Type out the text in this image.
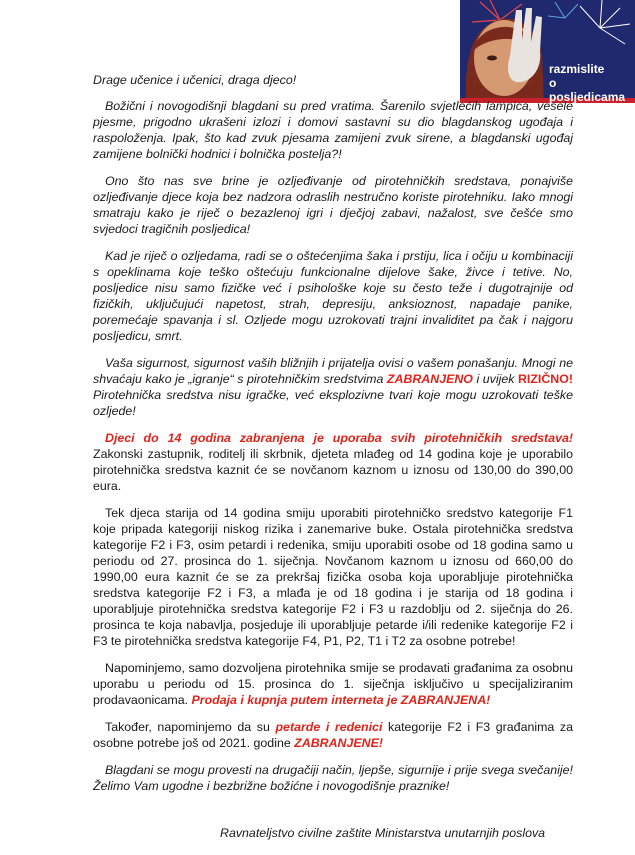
razmislite
o posljedicama

Drage učenice i učenici, draga djeco!

Božični i novogodišnji blagdani su pred vratima. Šarenilo svjetlećih lampica, vesele pjesme, prigodno ukrašeni izlozi i domovi sastavni su dio blagdanskog ugođaja i raspoloženja. Ipak, što kad zvuk pjesama zamijeni zvuk sirene, a blagdanski ugođaj zamijene bolnički hodnici i bolnička postelja?!

Ono što nas sve brine je ozljeđivanje od pirotehničkih sredstava, ponajviše ozljeđivanje djece koja bez nadzora odraslih nestručno koriste pirotehniku. Iako mnogi smatraju kako je riječ o bezazlenoj igri i dječjoj zabavi, nažalost, sve češće smo svjedoci tragičnih posljedica!

Kad je riječ o ozljedama, radi se o oštećenjima šaka i prstiju, lica i očiju u kombinaciji s opeklinama koje teško oštećuju funkcionalne dijelove šake, živce i tetive. No, posljedice nisu samo fizičke već i psihološke koje su često teže i dugotrajnije od fizičkih, uključujući napetost, strah, depresiju, anksioznost, napadaje panike, poremećaje spavanja i sl. Ozljede mogu uzrokovati trajni invaliditet pa čak i najgoru posljedicu, smrt.

Vaša sigurnost, sigurnost vaših bližnjih i prijatelja ovisi o vašem ponašanju. Mnogi ne shvaćaju kako je „igranje“ s pirotehničkim sredstvima ZABRANJENO i uvijek RIZIČNO! Pirotehnička sredstva nisu igračke, već eksplozivne tvari koje mogu uzrokovati teške ozljede!

Djeci do 14 godina zabranjena je uporaba svih pirotehničkih sredstava! Zakonski zastupnik, roditelj ili skrbnik, djeteta mlađeg od 14 godina koje je uporabilo pirotehnička sredstva kaznit će se novčanom kaznom u iznosu od 130,00 do 390,00 eura.

Tek djeca starija od 14 godina smiju uporabiti pirotehničko sredstvo kategorije F1 koje pripada kategoriji niskog rizika i zanemarive buke. Ostala pirotehnička sredstva kategorije F2 i F3, osim petardi i redenika, smiju uporabiti osobe od 18 godina samo u periodu od 27. prosinca do 1. siječnja. Novčanom kaznom u iznosu od 660,00 do 1990,00 eura kaznit će se za prekršaj fizička osoba koja uporabljuje pirotehnička sredstva kategorije F2 i F3, a mlađa je od 18 godina i je starija od 18 godina i uporabljuje pirotehnička sredstva kategorije F2 i F3 u razdoblju od 2. siječnja do 26. prosinca te koja nabavlja, posjeduje ili uporabljuje petarde i/ili redenike kategorije F2 i F3 te pirotehnička sredstva kategorije F4, P1, P2, T1 i T2 za osobne potrebe!

Napominjemo, samo dozvoljena pirotehnika smije se prodavati građanima za osobnu uporabu u periodu od 15. prosinca do 1. siječnja isključivo u specijaliziranim prodavaonicama. Prodaja i kupnja putem interneta je ZABRANJENA!

Također, napominjemo da su petarde i redenici kategorije F2 i F3 građanima za osobne potrebe još od 2021. godine ZABRANJENE!

Blagdani se mogu provesti na drugačiji način, ljepše, sigurnije i prije svega svečanije! Želimo Vam ugodne i bezbrižne božićne i novogodišnje praznike!

Ravnateljstvo civilne zaštite Ministarstva unutarnjih poslova
